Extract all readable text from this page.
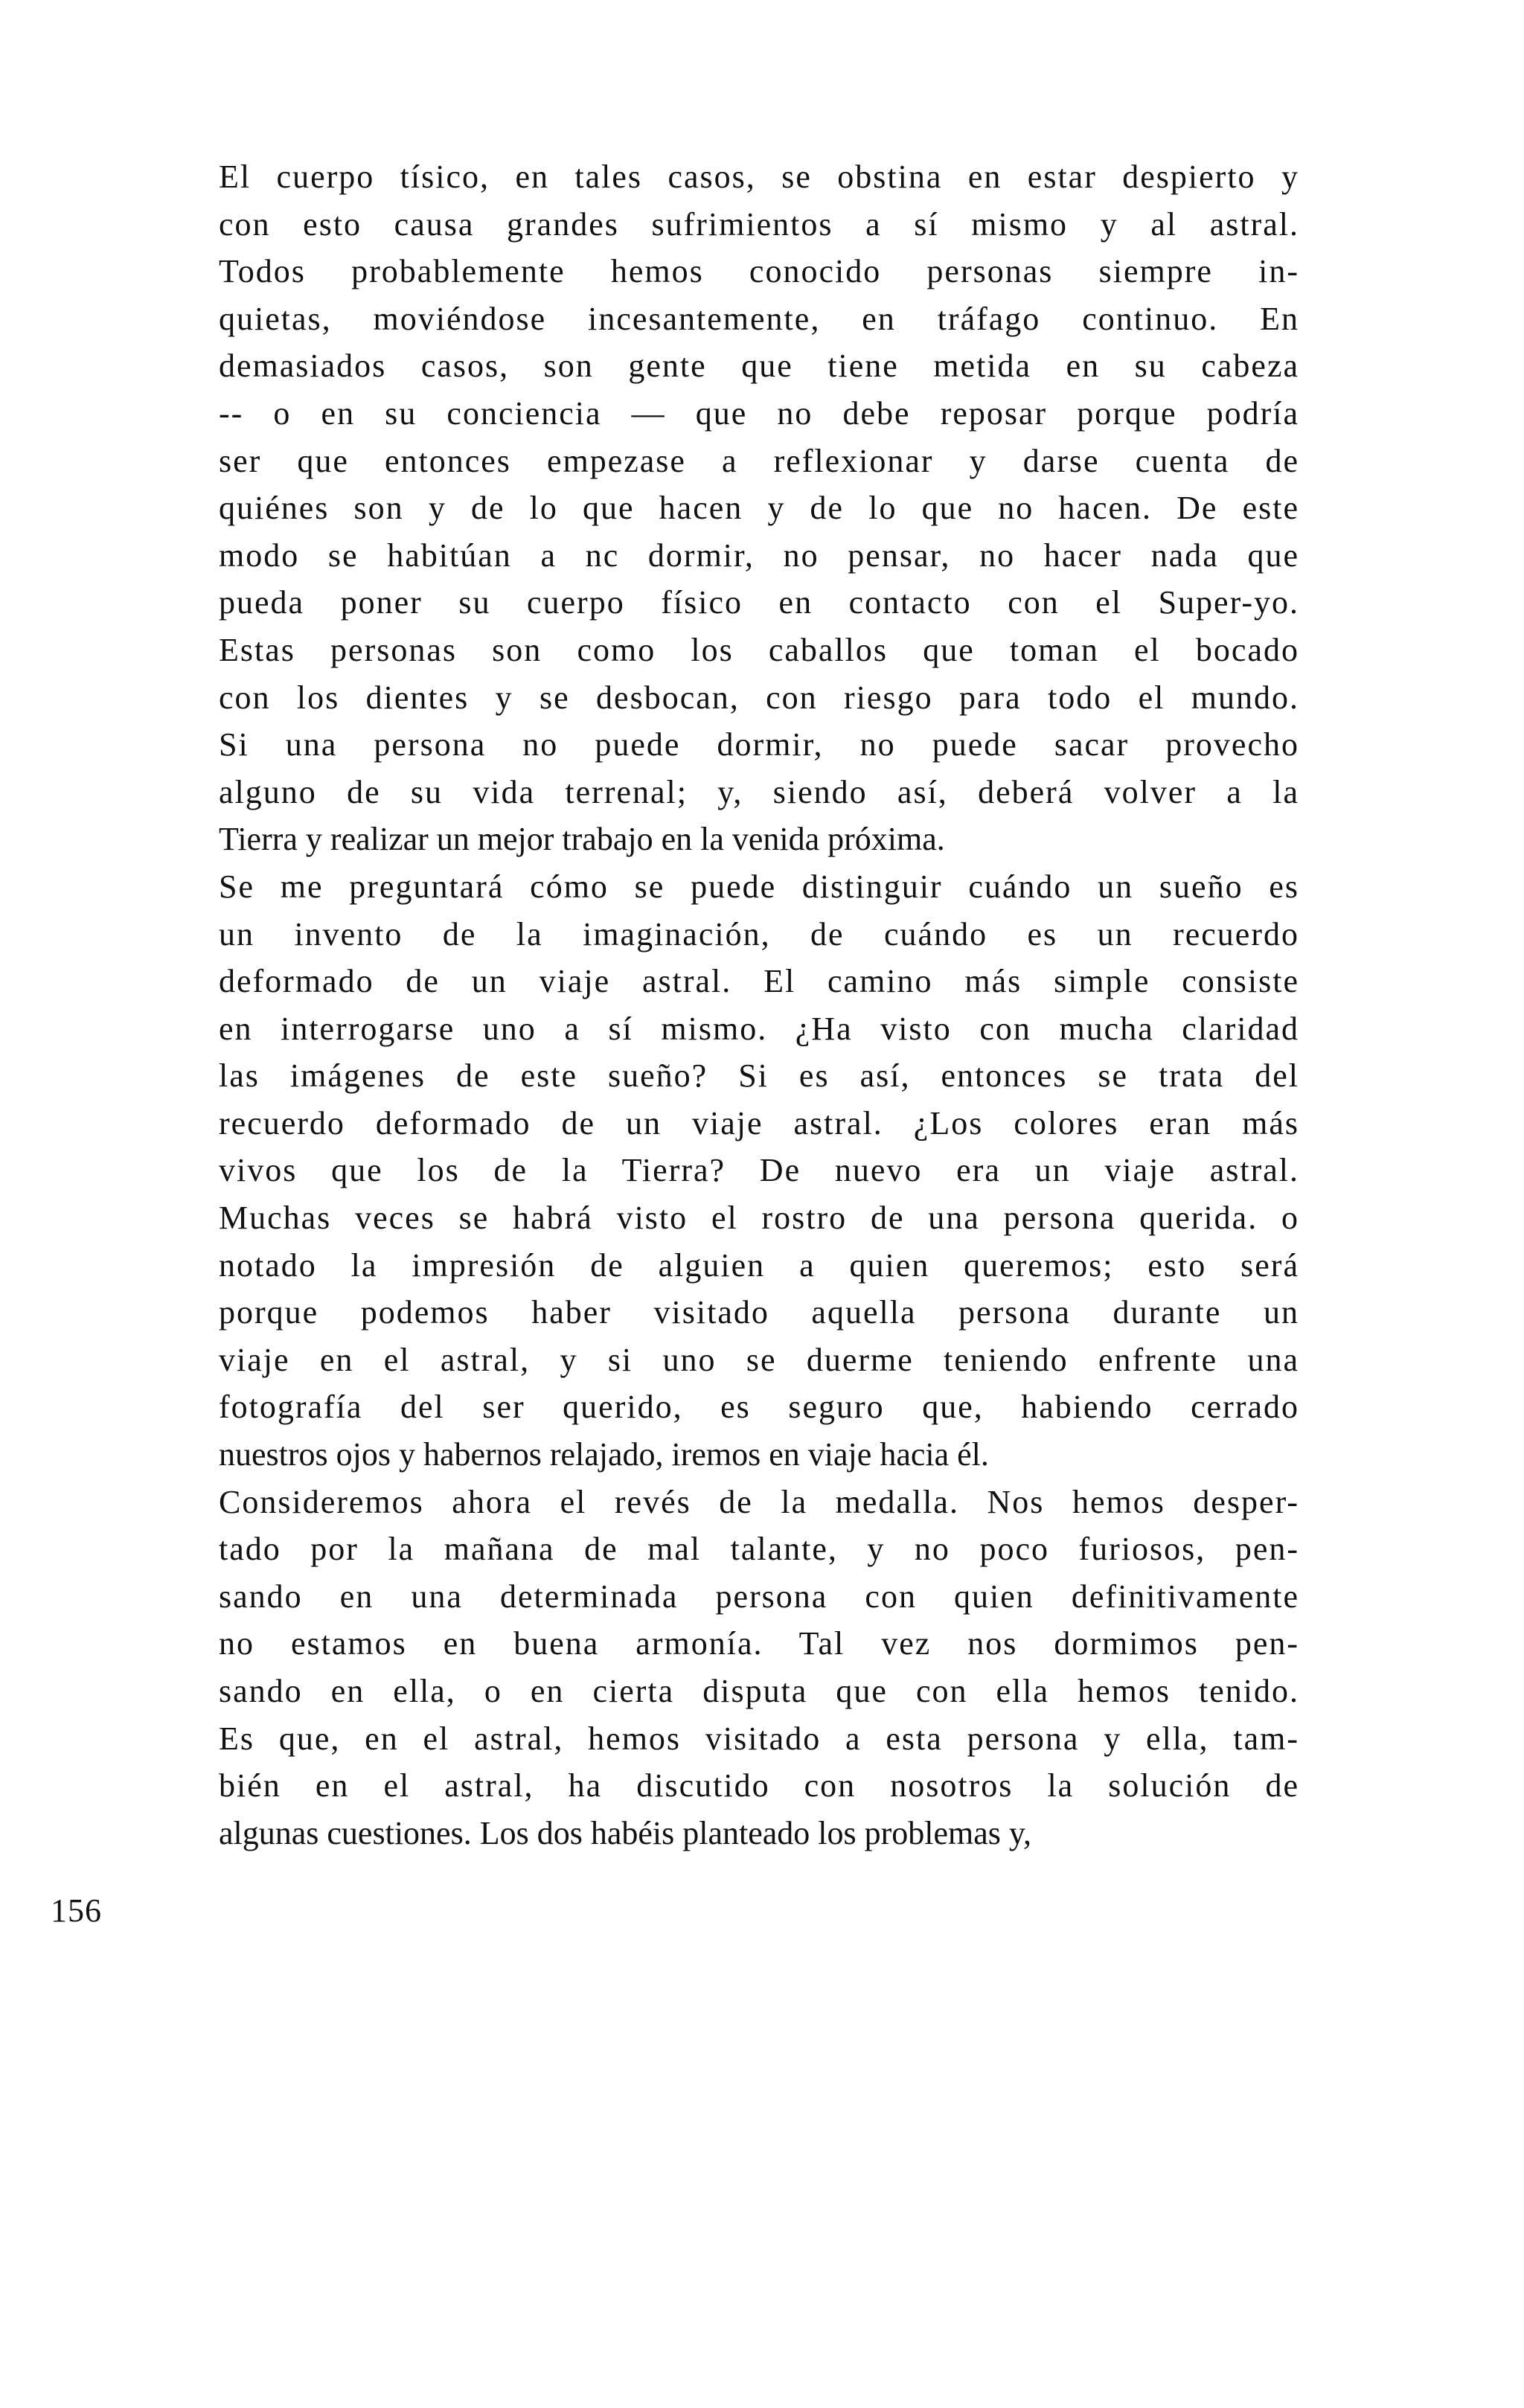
El cuerpo tísico, en tales casos, se obstina en estar despierto y
con esto causa grandes sufrimientos a sí mismo y al astral.
Todos probablemente hemos conocido personas siempre in-
quietas, moviéndose incesantemente, en tráfago continuo. En
demasiados casos, son gente que tiene metida en su cabeza
-- o en su conciencia — que no debe reposar porque podría
ser que entonces empezase a reflexionar y darse cuenta de
quiénes son y de lo que hacen y de lo que no hacen. De este
modo se habitúan a nc dormir, no pensar, no hacer nada que
pueda poner su cuerpo físico en contacto con el Super-yo.
Estas personas son como los caballos que toman el bocado
con los dientes y se desbocan, con riesgo para todo el mundo.
Si una persona no puede dormir, no puede sacar provecho
alguno de su vida terrenal; y, siendo así, deberá volver a la
Tierra y realizar un mejor trabajo en la venida próxima.
Se me preguntará cómo se puede distinguir cuándo un sueño es
un invento de la imaginación, de cuándo es un recuerdo
deformado de un viaje astral. El camino más simple consiste
en interrogarse uno a sí mismo. ¿Ha visto con mucha claridad
las imágenes de este sueño? Si es así, entonces se trata del
recuerdo deformado de un viaje astral. ¿Los colores eran más
vivos que los de la Tierra? De nuevo era un viaje astral.
Muchas veces se habrá visto el rostro de una persona querida. o
notado la impresión de alguien a quien queremos; esto será
porque podemos haber visitado aquella persona durante un
viaje en el astral, y si uno se duerme teniendo enfrente una
fotografía del ser querido, es seguro que, habiendo cerrado
nuestros ojos y habernos relajado, iremos en viaje hacia él.
Consideremos ahora el revés de la medalla. Nos hemos desper-
tado por la mañana de mal talante, y no poco furiosos, pen-
sando en una determinada persona con quien definitivamente
no estamos en buena armonía. Tal vez nos dormimos pen-
sando en ella, o en cierta disputa que con ella hemos tenido.
Es que, en el astral, hemos visitado a esta persona y ella, tam-
bién en el astral, ha discutido con nosotros la solución de
algunas cuestiones. Los dos habéis planteado los problemas y,
156
